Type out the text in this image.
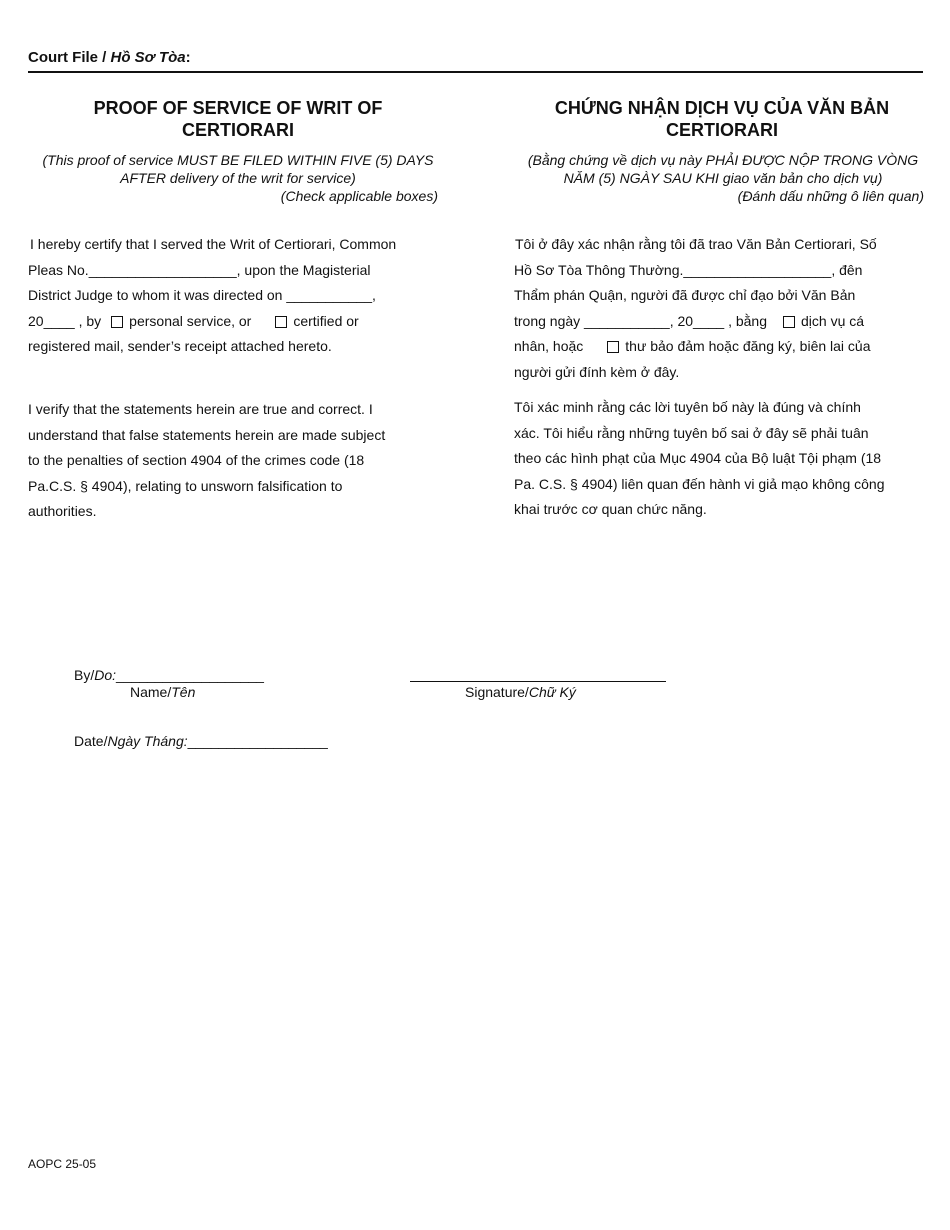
Court File / Hồ Sơ Tòa:
PROOF OF SERVICE OF WRIT OF
CERTIORARI
(This proof of service MUST BE FILED WITHIN FIVE (5) DAYS
AFTER delivery of the writ for service)
(Check applicable boxes)
I hereby certify that I served the Writ of Certiorari, Common
Pleas No.___________________, upon the Magisterial
District Judge to whom it was directed on ___________,
20____ , by personal service, or	certified or
registered mail, sender’s receipt attached hereto.
I verify that the statements herein are true and correct. I
understand that false statements herein are made subject
to the penalties of section 4904 of the crimes code (18
Pa.C.S. § 4904), relating to unsworn falsification to
authorities.
CHỨNG NHẬN DỊCH VỤ CỦA VĂN BẢN
CERTIORARI
(Bằng chứng về dịch vụ này PHẢI ĐƯỢC NỘP TRONG VÒNG
NĂM (5) NGÀY SAU KHI giao văn bản cho dịch vụ)
(Đánh dấu những ô liên quan)
Tôi ở đây xác nhận rằng tôi đã trao Văn Bản Certiorari, Số
Hồ Sơ Tòa Thông Thường.___________________, đên
Thẩm phán Quận, người đã được chỉ đạo bởi Văn Bản
trong ngày ___________, 20____ , bằng dịch vụ cá
nhân, hoặc	thư bảo đảm hoặc đăng ký, biên lai của
người gửi đính kèm ở đây.
Tôi xác minh rằng các lời tuyên bố này là đúng và chính
xác. Tôi hiểu rằng những tuyên bố sai ở đây sẽ phải tuân
theo các hình phạt của Mục 4904 của Bộ luật Tội phạm (18
Pa. C.S. § 4904) liên quan đến hành vi giả mạo không công
khai trước cơ quan chức năng.
By/Do:___________________
Name/Tên	Signature/Chữ Ký
Date/Ngày Tháng:__________________
AOPC 25-05
